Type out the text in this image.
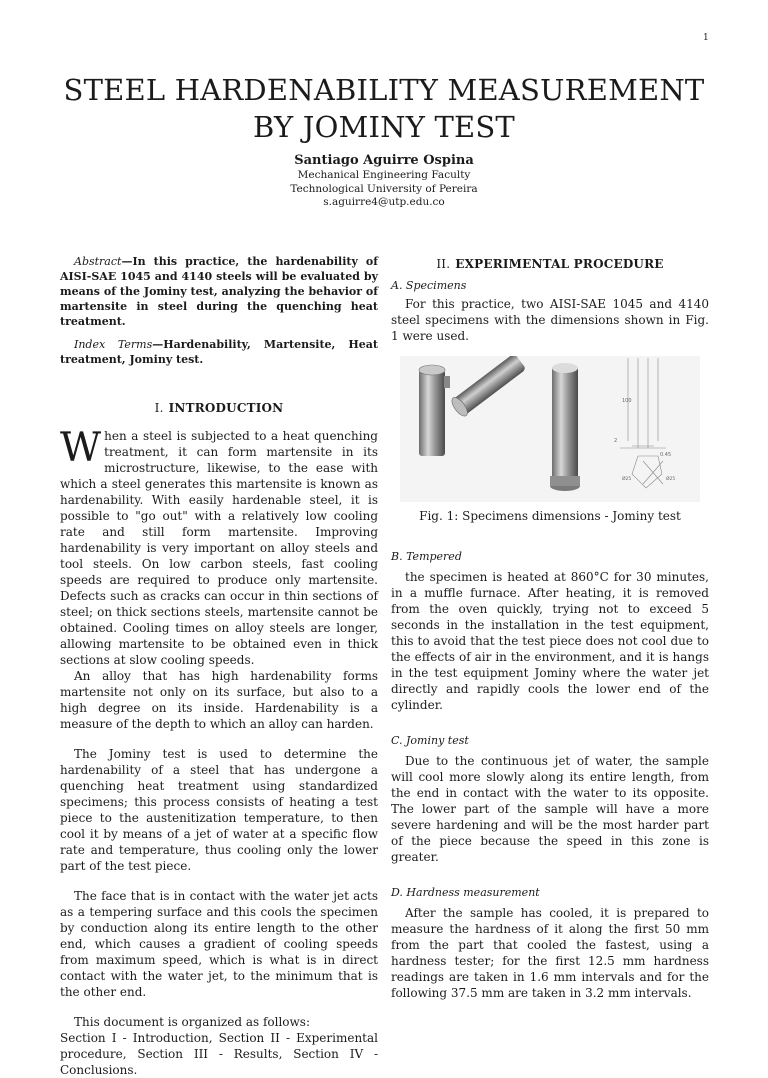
1
STEEL HARDENABILITY MEASUREMENT BY JOMINY TEST
Santiago Aguirre Ospina
Mechanical Engineering Faculty
Technological University of Pereira
s.aguirre4@utp.edu.co

Abstract—In this practice, the hardenability of AISI-SAE 1045 and 4140 steels will be evaluated by means of the Jominy test, analyzing the behavior of martensite in steel during the quenching heat treatment.

Index Terms—Hardenability, Martensite, Heat treatment, Jominy test.

I. INTRODUCTION

When a steel is subjected to a heat quenching treatment, it can form martensite in its microstructure, likewise, to the ease with which a steel generates this martensite is known as hardenability. With easily hardenable steel, it is possible to "go out" with a relatively low cooling rate and still form martensite. Improving hardenability is very important on alloy steels and tool steels. On low carbon steels, fast cooling speeds are required to produce only martensite. Defects such as cracks can occur in thin sections of steel; on thick sections steels, martensite cannot be obtained. Cooling times on alloy steels are longer, allowing martensite to be obtained even in thick sections at slow cooling speeds.

An alloy that has high hardenability forms martensite not only on its surface, but also to a high degree on its inside. Hardenability is a measure of the depth to which an alloy can harden.

The Jominy test is used to determine the hardenability of a steel that has undergone a quenching heat treatment using standardized specimens; this process consists of heating a test piece to the austenitization temperature, to then cool it by means of a jet of water at a specific flow rate and temperature, thus cooling only the lower part of the test piece.

The face that is in contact with the water jet acts as a tempering surface and this cools the specimen by conduction along its entire length to the other end, which causes a gradient of cooling speeds from maximum speed, which is what is in direct contact with the water jet, to the minimum that is the other end.

This document is organized as follows:

Section I - Introduction, Section II - Experimental procedure, Section III - Results, Section IV - Conclusions.

II. EXPERIMENTAL PROCEDURE

A. Specimens

For this practice, two AISI-SAE 1045 and 4140 steel specimens with the dimensions shown in Fig. 1 were used.

100
2
0.45
Ø25	Ø25

Fig. 1: Specimens dimensions - Jominy test

B. Tempered

the specimen is heated at 860°C for 30 minutes, in a muffle furnace. After heating, it is removed from the oven quickly, trying not to exceed 5 seconds in the installation in the test equipment, this to avoid that the test piece does not cool due to the effects of air in the environment, and it is hangs in the test equipment Jominy where the water jet directly and rapidly cools the lower end of the cylinder.

C. Jominy test

Due to the continuous jet of water, the sample will cool more slowly along its entire length, from the end in contact with the water to its opposite. The lower part of the sample will have a more severe hardening and will be the most harder part of the piece because the speed in this zone is greater.

D. Hardness measurement

After the sample has cooled, it is prepared to measure the hardness of it along the first 50 mm from the part that cooled the fastest, using a hardness tester; for the first 12.5 mm hardness readings are taken in 1.6 mm intervals and for the following 37.5 mm are taken in 3.2 mm intervals.
